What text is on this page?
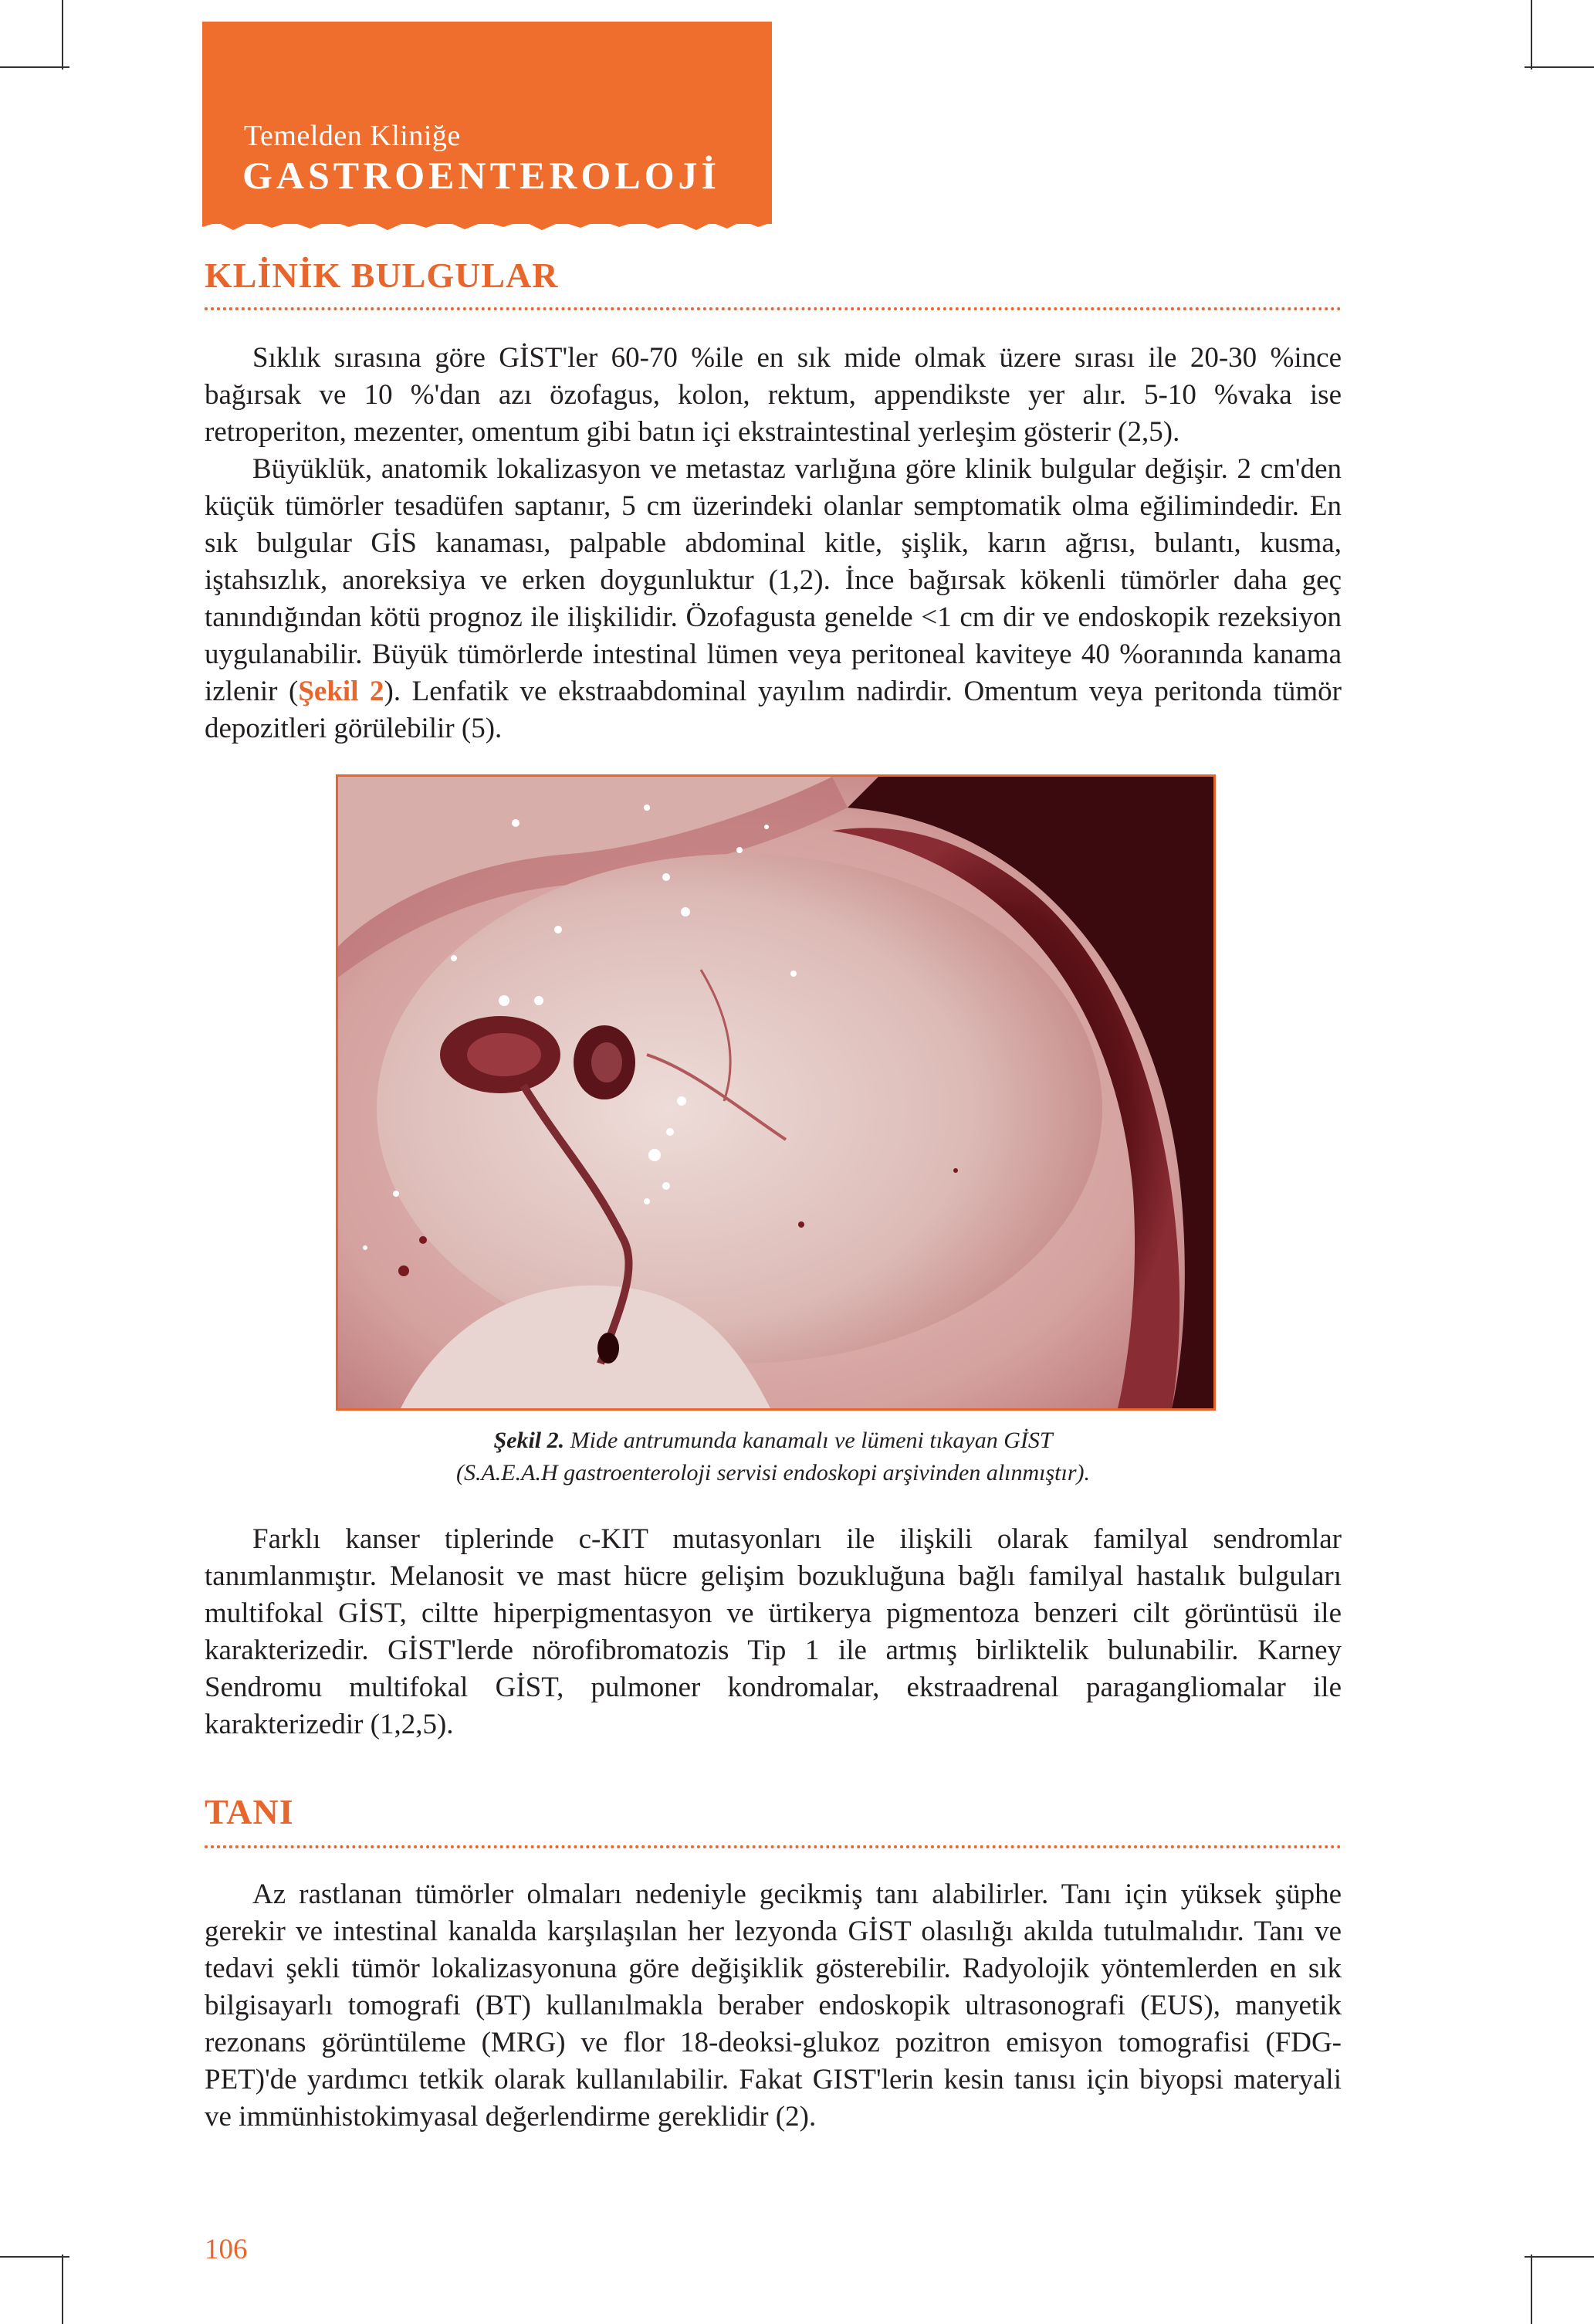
Temelden Kliniğe
GASTROENTEROLOJİ
KLİNİK BULGULAR

Sıklık sırasına göre GİST'ler 60-70 %ile en sık mide olmak üzere sırası ile 20-30 %ince bağırsak ve 10 %'dan azı özofagus, kolon, rektum, appendikste yer alır. 5-10 %vaka ise retroperiton, mezenter, omentum gibi batın içi ekstraintestinal yerleşim gösterir (2,5).

Büyüklük, anatomik lokalizasyon ve metastaz varlığına göre klinik bulgular değişir. 2 cm'den küçük tümörler tesadüfen saptanır, 5 cm üzerindeki olanlar semptomatik olma eğilimindedir. En sık bulgular GİS kanaması, palpable abdominal kitle, şişlik, karın ağrısı, bulantı, kusma, iştahsızlık, anoreksiya ve erken doygunluktur (1,2). İnce bağırsak kökenli tümörler daha geç tanındığından kötü prognoz ile ilişkilidir. Özofagusta genelde <1 cm dir ve endoskopik rezeksiyon uygulanabilir. Büyük tümörlerde intestinal lümen veya peritoneal kaviteye 40 %oranında kanama izlenir (Şekil 2). Lenfatik ve ekstraabdominal yayılım nadirdir. Omentum veya peritonda tümör depozitleri görülebilir (5).

Şekil 2. Mide antrumunda kanamalı ve lümeni tıkayan GİST
(S.A.E.A.H gastroenteroloji servisi endoskopi arşivinden alınmıştır).

Farklı kanser tiplerinde c-KIT mutasyonları ile ilişkili olarak familyal sendromlar tanımlanmıştır. Melanosit ve mast hücre gelişim bozukluğuna bağlı familyal hastalık bulguları multifokal GİST, ciltte hiperpigmentasyon ve ürtikerya pigmentoza benzeri cilt görüntüsü ile karakterizedir. GİST'lerde nörofibromatozis Tip 1 ile artmış birliktelik bulunabilir. Karney Sendromu multifokal GİST, pulmoner kondromalar, ekstraadrenal paragangliomalar ile karakterizedir (1,2,5).

TANI

Az rastlanan tümörler olmaları nedeniyle gecikmiş tanı alabilirler. Tanı için yüksek şüphe gerekir ve intestinal kanalda karşılaşılan her lezyonda GİST olasılığı akılda tutulmalıdır. Tanı ve tedavi şekli tümör lokalizasyonuna göre değişiklik gösterebilir. Radyolojik yöntemlerden en sık bilgisayarlı tomografi (BT) kullanılmakla beraber endoskopik ultrasonografi (EUS), manyetik rezonans görüntüleme (MRG) ve flor 18-deoksi-glukoz pozitron emisyon tomografisi (FDG-PET)'de yardımcı tetkik olarak kullanılabilir. Fakat GIST'lerin kesin tanısı için biyopsi materyali ve immünhistokimyasal değerlendirme gereklidir (2).

106
